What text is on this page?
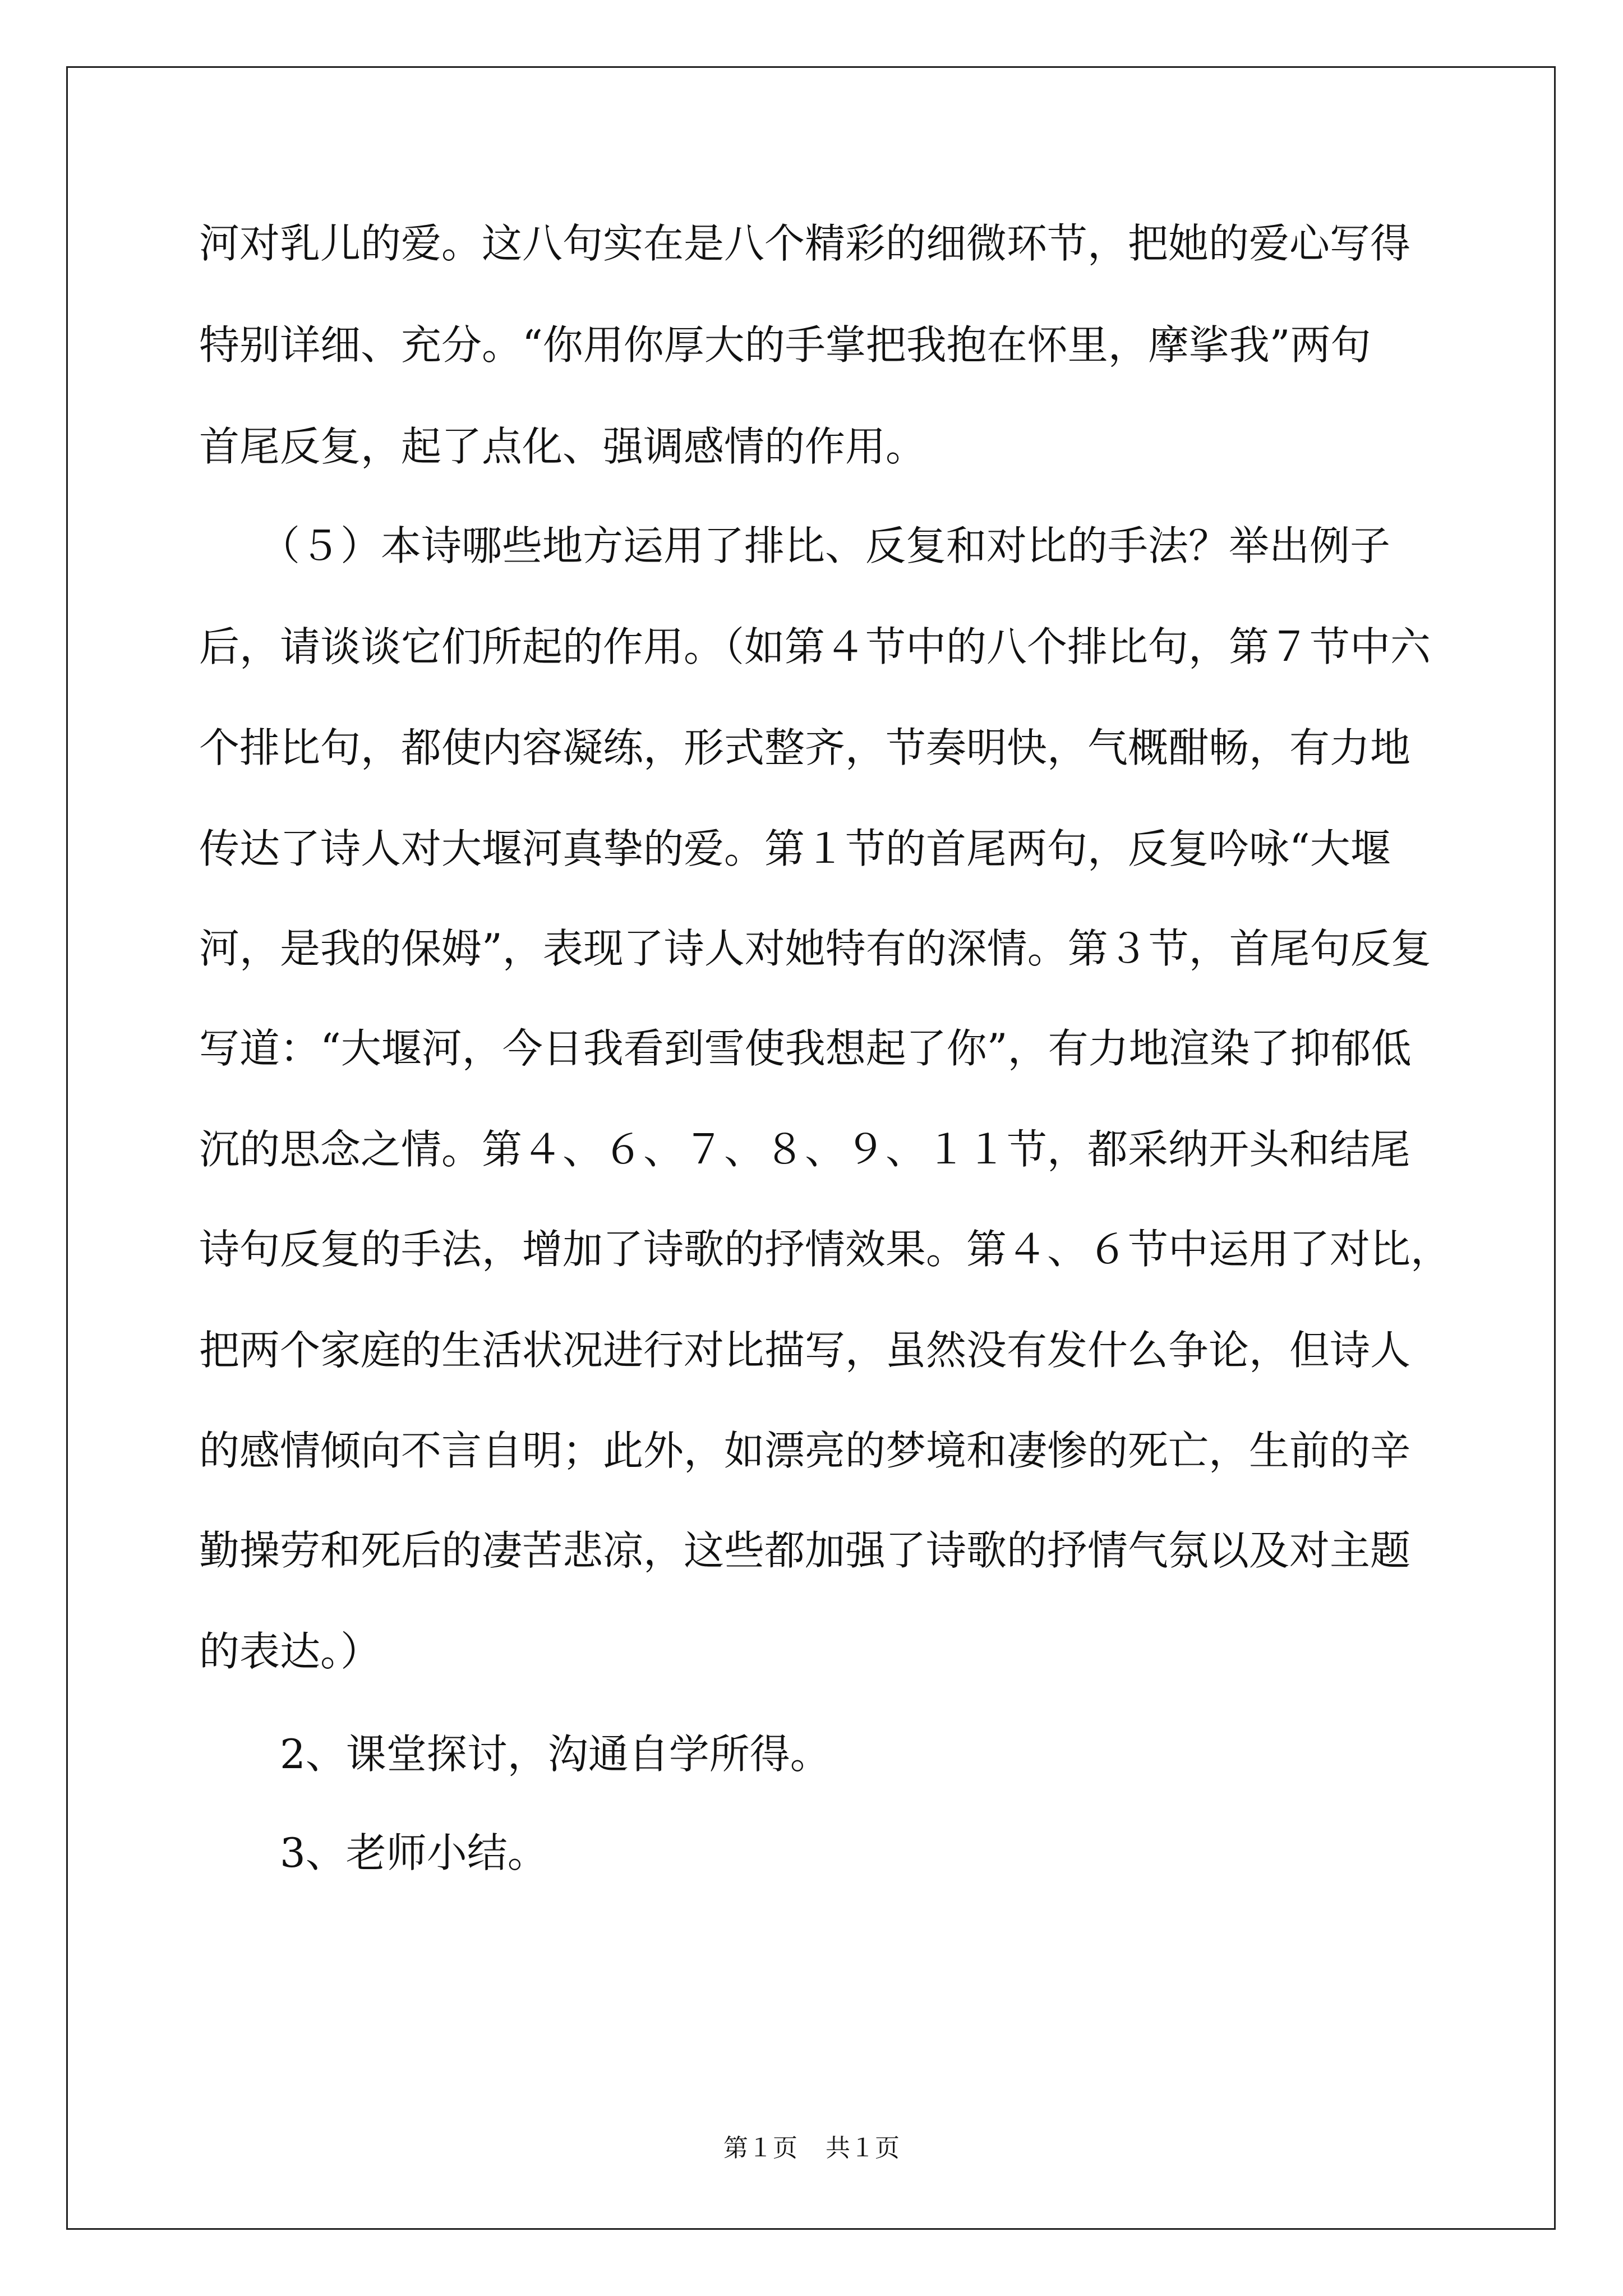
河对乳儿的爱。这八句实在是八个精彩的细微环节，把她的爱心写得
特别详细、充分。“你用你厚大的手掌把我抱在怀里，摩挲我”两句
首尾反复，起了点化、强调感情的作用。
　　（５）本诗哪些地方运用了排比、反复和对比的手法？举出例子
后，请谈谈它们所起的作用。（如第４节中的八个排比句，第７节中六
个排比句，都使内容凝练，形式整齐，节奏明快，气概酣畅，有力地
传达了诗人对大堰河真挚的爱。第１节的首尾两句，反复吟咏“大堰
河，是我的保姆”，表现了诗人对她特有的深情。第３节，首尾句反复
写道：“大堰河，今日我看到雪使我想起了你”，有力地渲染了抑郁低
沉的思念之情。第４、６、７、８、９、１１节，都采纳开头和结尾
诗句反复的手法，增加了诗歌的抒情效果。第４、６节中运用了对比，
把两个家庭的生活状况进行对比描写，虽然没有发什么争论，但诗人
的感情倾向不言自明；此外，如漂亮的梦境和凄惨的死亡，生前的辛
勤操劳和死后的凄苦悲凉，这些都加强了诗歌的抒情气氛以及对主题
的表达。）
　　2、课堂探讨，沟通自学所得。
　　3、老师小结。
第１页 共１页
